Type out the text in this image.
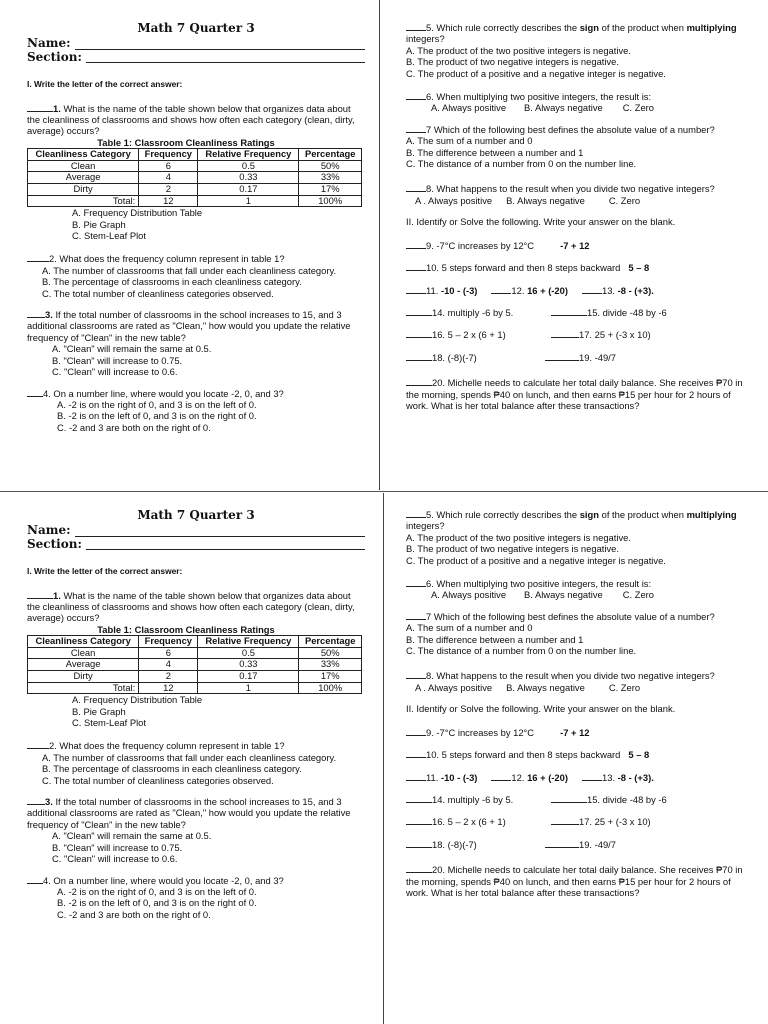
Math 7 Quarter 3
Name:
Section:
I. Write the letter of the correct answer:
1. What is the name of the table shown below that organizes data about the cleanliness of classrooms and shows how often each category (clean, dirty, average) occurs?
Table 1: Classroom Cleanliness Ratings
Cleanliness Category	Frequency	Relative Frequency	Percentage
Clean	6	0.5	50%
Average	4	0.33	33%
Dirty	2	0.17	17%
Total:	12	1	100%
A. Frequency Distribution Table
B. Pie Graph
C. Stem-Leaf Plot
2. What does the frequency column represent in table 1?
A. The number of classrooms that fall under each cleanliness category.
B. The percentage of classrooms in each cleanliness category.
C. The total number of cleanliness categories observed.
3. If the total number of classrooms in the school increases to 15, and 3 additional classrooms are rated as "Clean," how would you update the relative frequency of "Clean" in the new table?
A. "Clean" will remain the same at 0.5.
B. "Clean" will increase to 0.75.
C. "Clean" will increase to 0.6.
4. On a number line, where would you locate -2, 0, and 3?
A. -2 is on the right of 0, and 3 is on the left of 0.
B. -2 is on the left of 0, and 3 is on the right of 0.
C. -2 and 3 are both on the right of 0.
5. Which rule correctly describes the sign of the product when multiplying integers?
A. The product of the two positive integers is negative.
B. The product of two negative integers is negative.
C. The product of a positive and a negative integer is negative.
6. When multiplying two positive integers, the result is:
A. Always positive B. Always negative C. Zero
7 Which of the following best defines the absolute value of a number?
A. The sum of a number and 0
B. The difference between a number and 1
C. The distance of a number from 0 on the number line.
8. What happens to the result when you divide two negative integers?
A . Always positive B. Always negative	C. Zero
II. Identify or Solve the following. Write your answer on the blank.
9. -7°C increases by 12°C	-7 + 12
10. 5 steps forward and then 8 steps backward 5 – 8
11. -10 - (-3)	12. 16 + (-20)	13. -8 - (+3).
14. multiply -6 by 5.	15. divide -48 by -6
16. 5 – 2 x (6 + 1)	17. 25 + (-3 x 10)
18. (-8)(-7)	19. -49/7
20. Michelle needs to calculate her total daily balance. She receives ₱70 in the morning, spends ₱40 on lunch, and then earns ₱15 per hour for 2 hours of work. What is her total balance after these transactions?
Math 7 Quarter 3
Name:
Section:
I. Write the letter of the correct answer:
1. What is the name of the table shown below that organizes data about the cleanliness of classrooms and shows how often each category (clean, dirty, average) occurs?
Table 1: Classroom Cleanliness Ratings
Cleanliness Category	Frequency	Relative Frequency	Percentage
Clean	6	0.5	50%
Average	4	0.33	33%
Dirty	2	0.17	17%
Total:	12	1	100%
A. Frequency Distribution Table
B. Pie Graph
C. Stem-Leaf Plot
2. What does the frequency column represent in table 1?
A. The number of classrooms that fall under each cleanliness category.
B. The percentage of classrooms in each cleanliness category.
C. The total number of cleanliness categories observed.
3. If the total number of classrooms in the school increases to 15, and 3 additional classrooms are rated as "Clean," how would you update the relative frequency of "Clean" in the new table?
A. "Clean" will remain the same at 0.5.
B. "Clean" will increase to 0.75.
C. "Clean" will increase to 0.6.
4. On a number line, where would you locate -2, 0, and 3?
A. -2 is on the right of 0, and 3 is on the left of 0.
B. -2 is on the left of 0, and 3 is on the right of 0.
C. -2 and 3 are both on the right of 0.
5. Which rule correctly describes the sign of the product when multiplying integers?
A. The product of the two positive integers is negative.
B. The product of two negative integers is negative.
C. The product of a positive and a negative integer is negative.
6. When multiplying two positive integers, the result is:
A. Always positive B. Always negative C. Zero
7 Which of the following best defines the absolute value of a number?
A. The sum of a number and 0
B. The difference between a number and 1
C. The distance of a number from 0 on the number line.
8. What happens to the result when you divide two negative integers?
A . Always positive B. Always negative	C. Zero
II. Identify or Solve the following. Write your answer on the blank.
9. -7°C increases by 12°C	-7 + 12
10. 5 steps forward and then 8 steps backward 5 – 8
11. -10 - (-3)	12. 16 + (-20)	13. -8 - (+3).
14. multiply -6 by 5.	15. divide -48 by -6
16. 5 – 2 x (6 + 1)	17. 25 + (-3 x 10)
18. (-8)(-7)	19. -49/7
20. Michelle needs to calculate her total daily balance. She receives ₱70 in the morning, spends ₱40 on lunch, and then earns ₱15 per hour for 2 hours of work. What is her total balance after these transactions?
